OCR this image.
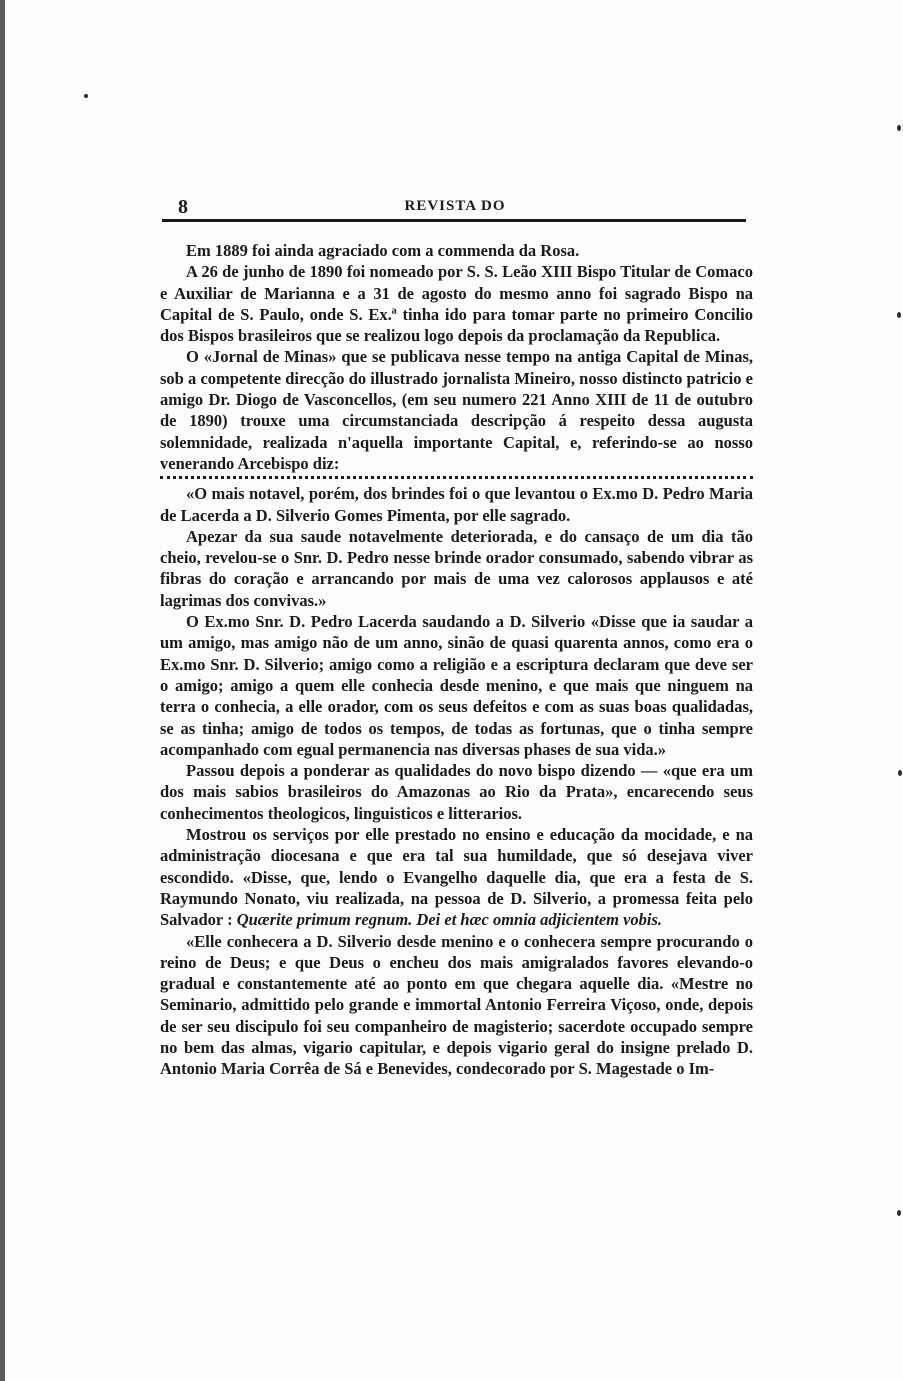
8	REVISTA DO

Em 1889 foi ainda agraciado com a commenda da Rosa.

A 26 de junho de 1890 foi nomeado por S. S. Leão XIII Bispo Titular de Comaco e Auxiliar de Marianna e a 31 de agosto do mesmo anno foi sagrado Bispo na Capital de S. Paulo, onde S. Ex.ª tinha ido para tomar parte no primeiro Concilio dos Bispos brasileiros que se realizou logo depois da proclamação da Republica.

O «Jornal de Minas» que se publicava nesse tempo na antiga Capital de Minas, sob a competente direcção do illustrado jornalista Mineiro, nosso distincto patricio e amigo Dr. Diogo de Vasconcellos, (em seu numero 221 Anno XIII de 11 de outubro de 1890) trouxe uma circumstanciada descripção á respeito dessa augusta solemnidade, realizada n'aquella importante Capital, e, referindo-se ao nosso venerando Arcebispo diz:

«O mais notavel, porém, dos brindes foi o que levantou o Ex.mo D. Pedro Maria de Lacerda a D. Silverio Gomes Pimenta, por elle sagrado.

Apezar da sua saude notavelmente deteriorada, e do cansaço de um dia tão cheio, revelou-se o Snr. D. Pedro nesse brinde orador consumado, sabendo vibrar as fibras do coração e arrancando por mais de uma vez calorosos applausos e até lagrimas dos convivas.»

O Ex.mo Snr. D. Pedro Lacerda saudando a D. Silverio «Disse que ia saudar a um amigo, mas amigo não de um anno, sinão de quasi quarenta annos, como era o Ex.mo Snr. D. Silverio; amigo como a religião e a escriptura declaram que deve ser o amigo; amigo a quem elle conhecia desde menino, e que mais que ninguem na terra o conhecia, a elle orador, com os seus defeitos e com as suas boas qualidadas, se as tinha; amigo de todos os tempos, de todas as fortunas, que o tinha sempre acompanhado com egual permanencia nas diversas phases de sua vida.»

Passou depois a ponderar as qualidades do novo bispo dizendo — «que era um dos mais sabios brasileiros do Amazonas ao Rio da Prata», encarecendo seus conhecimentos theologicos, linguisticos e litterarios.

Mostrou os serviços por elle prestado no ensino e educação da mocidade, e na administração diocesana e que era tal sua humildade, que só desejava viver escondido. «Disse, que, lendo o Evangelho daquelle dia, que era a festa de S. Raymundo Nonato, viu realizada, na pessoa de D. Silverio, a promessa feita pelo Salvador : Quærite primum regnum. Dei et hæc omnia adjicientem vobis.

«Elle conhecera a D. Silverio desde menino e o conhecera sempre procurando o reino de Deus; e que Deus o encheu dos mais amigralados favores elevando-o gradual e constantemente até ao ponto em que chegara aquelle dia. «Mestre no Seminario, admittido pelo grande e immortal Antonio Ferreira Viçoso, onde, depois de ser seu discipulo foi seu companheiro de magisterio; sacerdote occupado sempre no bem das almas, vigario capitular, e depois vigario geral do insigne prelado D. Antonio Maria Corrêa de Sá e Benevides, condecorado por S. Magestade o Im-
